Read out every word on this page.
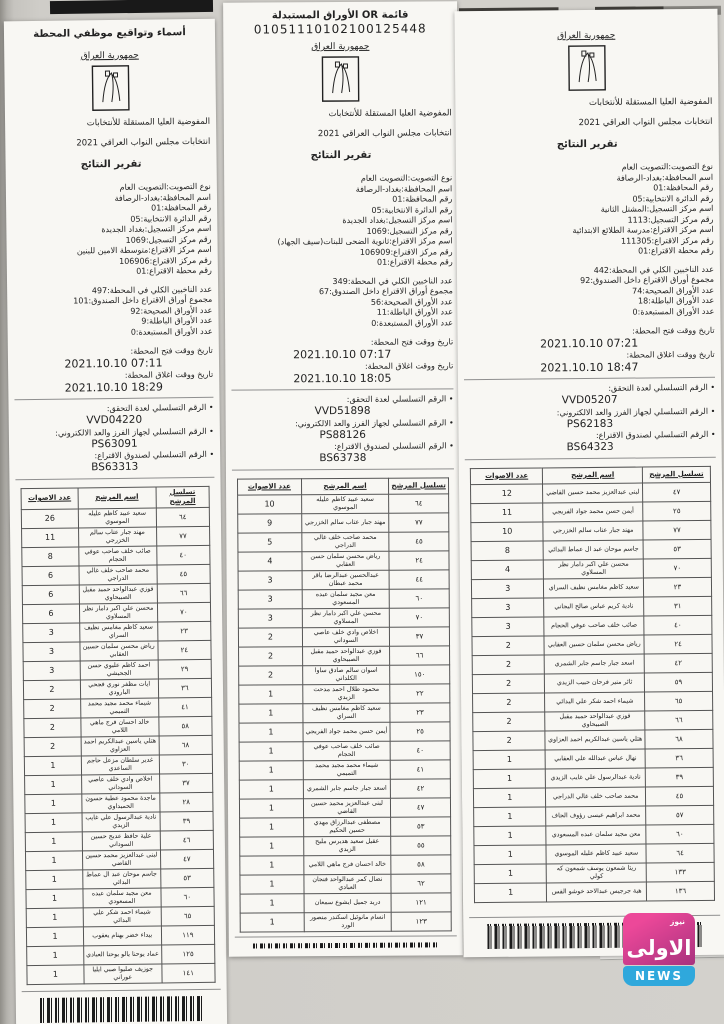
أسماء وتواقيع موظفي المحطة
جمهورية العراق
المفوضية العليا المستقلة للأنتخابات
انتخابات مجلس النواب العراقي 2021
تقرير النتائج
نوع التصويت:التصويت العام
اسم المحافظة:بغداد-الرصافة
رقم المحافظة:01
رقم الدائرة الانتخابية:05
اسم مركز التسجيل:بغداد الجديدة
رقم مركز التسجيل:1069
اسم مركز الاقتراع:متوسطة الامين للبنين
رقم مركز الاقتراع:106906
رقم محطة الاقتراع:01
عدد الناخبين الكلي في المحطة:497
مجموع أوراق الاقتراع داخل الصندوق:101
عدد الأوراق الصحيحة:92
عدد الأوراق الباطلة:9
عدد الأوراق المستبعدة:0
تاريخ ووقت فتح المحطة:
2021.10.10 07:11
تاريخ ووقت اغلاق المحطة:
2021.10.10 18:29
• الرقم التسلسلي لعدة التحقق:
VVD04220
• الرقم التسلسلي لجهاز الفرز والعد الالكتروني:
PS63091
• الرقم التسلسلي لصندوق الاقتراع:
BS63313
تسلسل المرشح	اسم المرشح	عدد الاصوات
٦٤	سعيد عبيد كاظم عليله الموسوي	26
٧٧	مهند جبار عتاب سالم الخزرجي	11
٤٠	صائب خلف صاحب عوفي الحجام	8
٤٥	محمد صاحب خلف غالي الدراجي	6
٦٦	فوزي عبدالواحد حميد مقبل الصبيحاوي	6
٧٠	محسن علي اكبر دامار نظر المسلاوي	6
٢٣	سعيد كاظم مغامس نظيف السراي	3
٢٤	رياض محسن سلمان حسين العقابي	3
٢٩	احمد كاظم عليوي حسن الجحيشي	3
٣٦	ايات مظفر نوري فجحي البارودي	2
٤١	شيماء محمد مجيد محمد التميمي	2
٥٨	خالد احسان فرج ماهي اللامي	2
٦٨	هتلي ياسين عبدالكريم احمد العزاوي	2
٣٠	غدير سلطان مزعل حاجم الساعدي	1
٣٧	اخلاص وادي خلف عاصي السوداني	1
٢٨	ماجدة محمود عطية حسون الحميداوي	1
٣٩	نادية عبدالرسول علي غايب الزيدي	1
٤٦	علية حافظ عديج حسين السوداني	1
٤٧	لبنى عبدالعزيز محمد حسين القاضي	1
٥٣	جاسم موحان عبد ال عماط البدائي	1
٦٠	معن مجيد سلمان عبده المسعودي	1
٦٥	شيماء احمد شكر علي البدائي	1
١١٩	بيداء خضر بهنام يعقوب	1
١٢٥	عماد يوحنا يالو يوحنا العبادي	1
١٤١	جوزيف صليوا صبي ايليا عوراني	1
قائمة OR الأوراق المستبدلة
01051110102100125448
جمهورية العراق
المفوضية العليا المستقلة للأنتخابات
انتخابات مجلس النواب العراقي 2021
تقرير النتائج
نوع التصويت:التصويت العام
اسم المحافظة:بغداد-الرصافة
رقم المحافظة:01
رقم الدائرة الانتخابية:05
اسم مركز التسجيل:بغداد الجديدة
رقم مركز التسجيل:1069
اسم مركز الاقتراع:ثانوية الضحى للبنات(سيف الجهاد)
رقم مركز الاقتراع:106909
رقم محطة الاقتراع:01
عدد الناخبين الكلي في المحطة:349
مجموع أوراق الاقتراع داخل الصندوق:67
عدد الأوراق الصحيحة:56
عدد الأوراق الباطلة:11
عدد الأوراق المستبعدة:0
تاريخ ووقت فتح المحطة:
2021.10.10 07:17
تاريخ ووقت اغلاق المحطة:
2021.10.10 18:05
• الرقم التسلسلي لعدة التحقق:
VVD51898
• الرقم التسلسلي لجهاز الفرز والعد الالكتروني:
PS88126
• الرقم التسلسلي لصندوق الاقتراع:
BS63738
تسلسل المرشح	اسم المرشح	عدد الاصوات
٦٤	سعيد عبيد كاظم عليله الموسوي	10
٧٧	مهند جبار عتاب سالم الخزرجي	9
٤٥	محمد صاحب خلف غالي الدراجي	5
٢٤	رياض محسن سلمان حسن العقابي	4
٤٤	عبدالحسين عبدالرضا باقر محمد عبطان	3
٦٠	معن مجيد سلمان عبده المسعودي	3
٧٠	محسن علي اكبر دامار نظر المسلاوي	3
٣٧	اخلاص وادي خلف عاصي السوداني	2
٦٦	فوزي عبدالواحد حميد مقبل الصبيحاوي	2
١٥٠	اسوان سالم صادق ساوا الكلداني	2
٢٢	محمود طلال احمد مدحت الزيدي	1
٢٣	سعيد كاظم مغامس نظيف السراي	1
٢٥	أيمن حسن محمد جواد الفريجي	1
٤٠	صائب خلف صاحب عوفي الحجام	1
٤١	شيماء محمد مجيد محمد التميمي	1
٤٢	اسعد جبار جاسم جابر الشمري	1
٤٧	لبنى عبدالعزيز محمد حسين القاضي	1
٥٣	مصطفى عبدالرزاق مهدي حسين الحكيم	1
٥٥	عقيل سعيد هديرس مليح الزيدي	1
٥٨	خالد احسان فرج ماهي اللامي	1
٦٢	نضال كمر عبدالواحد فنجان العبادي	1
١٢١	دريد جميل ايشوع سمعان	1
١٢٣	انسام مانوئيل اسكندر منصور الورد	1
جمهورية العراق
المفوضية العليا المستقلة للأنتخابات
انتخابات مجلس النواب العراقي 2021
تقرير النتائج
نوع التصويت:التصويت العام
اسم المحافظة:بغداد-الرصافة
رقم المحافظة:01
رقم الدائرة الانتخابية:05
اسم مركز التسجيل:المشتل الثانية
رقم مركز التسجيل:1113
اسم مركز الاقتراع:مدرسة الطلائع الابتدائية
رقم مركز الاقتراع:111305
رقم محطة الاقتراع:01
عدد الناخبين الكلي في المحطة:442
مجموع أوراق الاقتراع داخل الصندوق:92
عدد الأوراق الصحيحة:74
عدد الأوراق الباطلة:18
عدد الأوراق المستبعدة:0
تاريخ ووقت فتح المحطة:
2021.10.10 07:21
تاريخ ووقت اغلاق المحطة:
2021.10.10 18:47
• الرقم التسلسلي لعدة التحقق:
VVD05207
• الرقم التسلسلي لجهاز الفرز والعد الالكتروني:
PS62183
• الرقم التسلسلي لصندوق الاقتراع:
BS64323
تسلسل المرشح	اسم المرشح	عدد الاصوات
٤٧	لبنى عبدالعزيز محمد حسين القاضي	12
٢٥	أيمن حسن محمد جواد الفريجي	11
٧٧	مهند جبار عتاب سالم الخزرجي	10
٥٣	جاسم موحان عبد ال عماط البدائي	8
٧٠	محسن علي اكبر دامار نظر المسلاوي	4
٢٣	سعيد كاظم مغامس نظيف السراي	3
٣١	نادية كريم عباس صالح البجاني	3
٤٠	صائب خلف صاحب عوفي الحجام	3
٢٤	رياض محسن سلمان حسين العقابي	2
٤٢	اسعد جبار جاسم جابر الشمري	2
٥٩	ثائر منير فرحان حبيب الزيدي	2
٦٥	شيماء احمد شكر علي البدائي	2
٦٦	فوزي عبدالواحد حميد مقبل الصبيحاوي	2
٦٨	هتلي ياسين عبدالكريم احمد العزاوي	2
٣٦	نهال عباس عبدالله علي العقابي	1
٣٩	نادية عبدالرسول علي غايب الزيدي	1
٤٥	محمد صاحب خلف غالي الدراجي	1
٥٧	محمد ابراهيم عيسى رؤوف الجاف	1
٦٠	معن مجيد سلمان عبده المسعودي	1
٦٤	سعيد عبيد كاظم عليله الموسوي	1
١٣٣	ريتا شمعون يوسف شمعون كه كولي	1
١٣٦	هبة جرجيس عبدالاحد خوشو القس	1
نيوز
الاولى
NEWS
